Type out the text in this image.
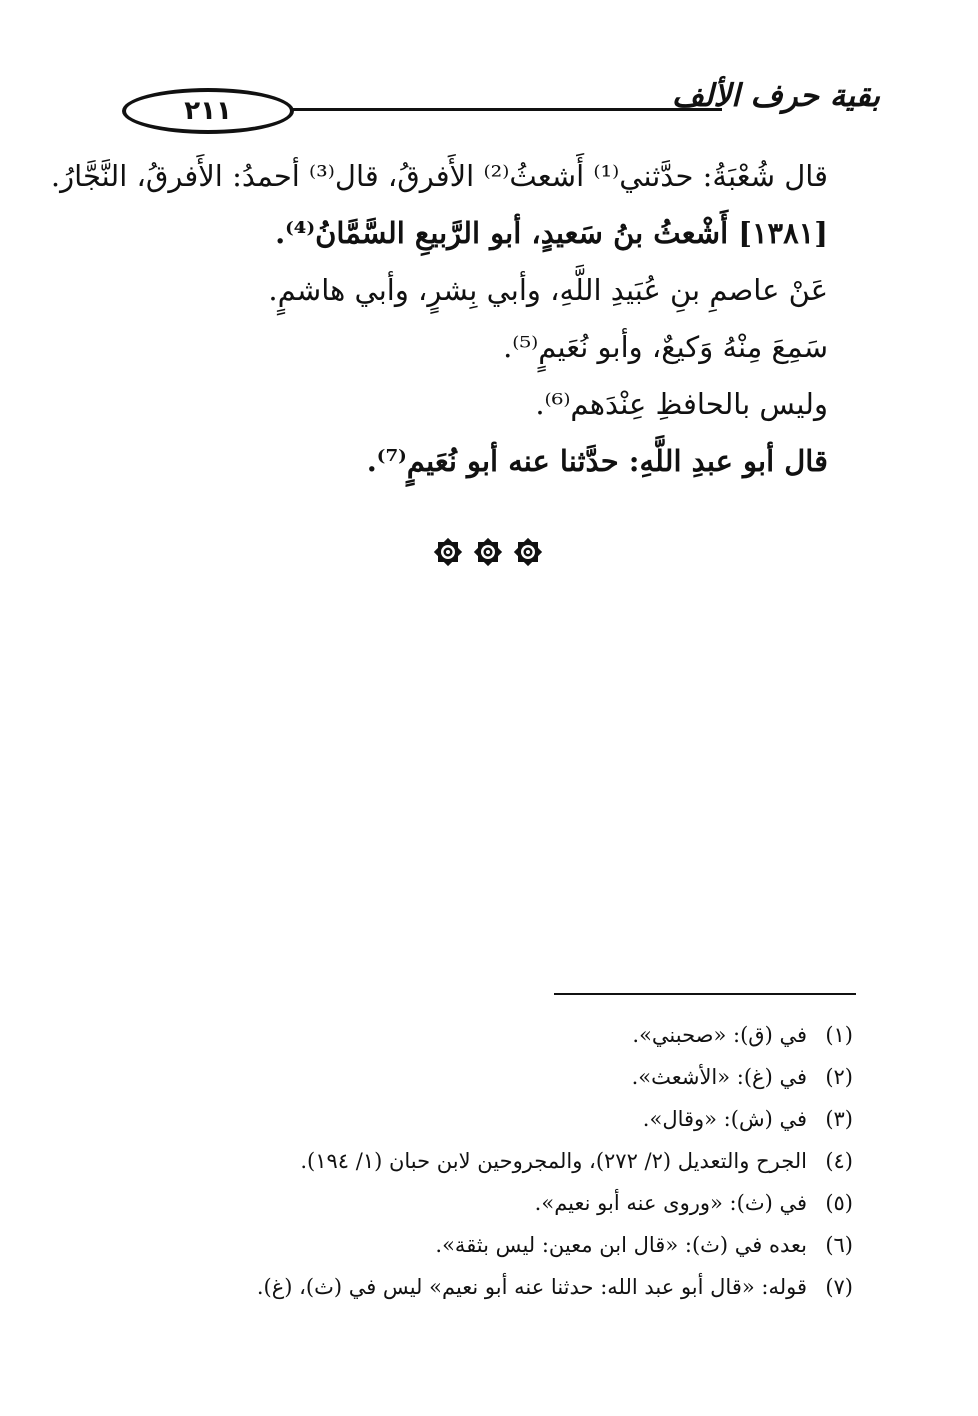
٢١١	بقية حرف الألف
قال شُعْبَةُ: حدَّثني⁽¹⁾ أَشعثُ⁽²⁾ الأَفرقُ، قال⁽³⁾ أحمدُ: الأَفرقُ، النَّجَّارُ.
[١٣٨١] أَشْعثُ بنُ سَعيدٍ، أبو الرَّبيعِ السَّمَّانُ⁽⁴⁾.
عَنْ عاصمِ بنِ عُبَيدِ اللَّهِ، وأبي بِشرٍ، وأبي هاشمٍ.
سَمِعَ مِنْهُ وَكيعٌ، وأبو نُعَيمٍ⁽⁵⁾.
وليس بالحافظِ عِنْدَهم⁽⁶⁾.
قال أبو عبدِ اللَّهِ: حدَّثنا عنه أبو نُعَيمٍ⁽⁷⁾.
(١)
في (ق): «صحبني».
(٢)
في (غ): «الأشعث».
(٣)
في (ش): «وقال».
(٤)
الجرح والتعديل (٢/ ٢٧٢)، والمجروحين لابن حبان (١/ ١٩٤).
(٥)
في (ث): «وروى عنه أبو نعيم».
(٦)
بعده في (ث): «قال ابن معين: ليس بثقة».
(٧)
قوله: «قال أبو عبد الله: حدثنا عنه أبو نعيم» ليس في (ث)، (غ).
